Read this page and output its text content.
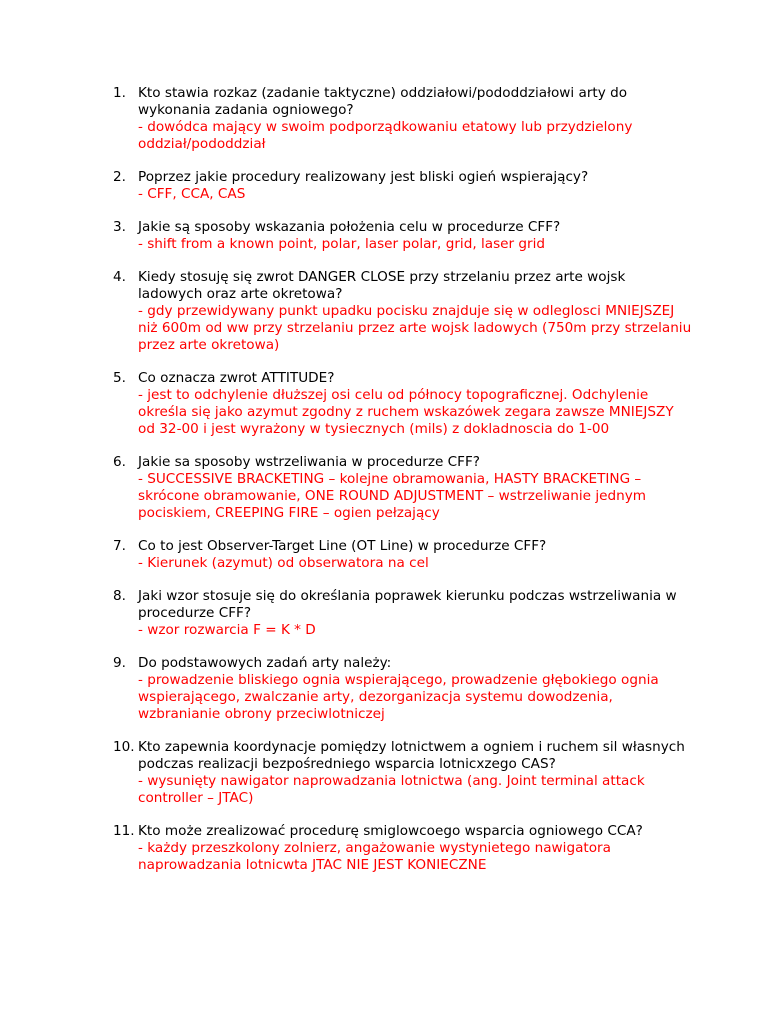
1. Kto stawia rozkaz (zadanie taktyczne) oddziałowi/pododdziałowi arty do wykonania zadania ogniowego?
- dowódca mający w swoim podporządkowaniu etatowy lub przydzielony oddział/pododdział
2. Poprzez jakie procedury realizowany jest bliski ogień wspierający?
- CFF, CCA, CAS
3. Jakie są sposoby wskazania położenia celu w procedurze CFF?
- shift from a known point, polar, laser polar, grid, laser grid
4. Kiedy stosuję się zwrot DANGER CLOSE przy strzelaniu przez arte wojsk ladowych oraz arte okretowa?
- gdy przewidywany punkt upadku pocisku znajduje się w odleglosci MNIEJSZEJ niż 600m od ww przy strzelaniu przez arte wojsk ladowych (750m przy strzelaniu przez arte okretowa)
5. Co oznacza zwrot ATTITUDE?
- jest to odchylenie dłuższej osi celu od północy topograficznej. Odchylenie określa się jako azymut zgodny z ruchem wskazówek zegara zawsze MNIEJSZY od 32-00 i jest wyrażony w tysiecznych (mils) z dokladnoscia do 1-00
6. Jakie sa sposoby wstrzeliwania w procedurze CFF?
- SUCCESSIVE BRACKETING – kolejne obramowania, HASTY BRACKETING – skrócone obramowanie, ONE ROUND ADJUSTMENT – wstrzeliwanie jednym pociskiem, CREEPING FIRE – ogien pełzający
7. Co to jest Observer-Target Line (OT Line) w procedurze CFF?
- Kierunek (azymut) od obserwatora na cel
8. Jaki wzor stosuje się do określania poprawek kierunku podczas wstrzeliwania w procedurze CFF?
- wzor rozwarcia F = K * D
9. Do podstawowych zadań arty należy:
- prowadzenie bliskiego ognia wspierającego, prowadzenie głębokiego ognia wspierającego, zwalczanie arty, dezorganizacja systemu dowodzenia, wzbranianie obrony przeciwlotniczej
10. Kto zapewnia koordynacje pomiędzy lotnictwem a ogniem i ruchem sil własnych podczas realizacji bezpośredniego wsparcia lotnicxzego CAS?
- wysunięty nawigator naprowadzania lotnictwa (ang. Joint terminal attack controller – JTAC)
11. Kto może zrealizować procedurę smiglowcoego wsparcia ogniowego CCA?
- każdy przeszkolony zolnierz, angażowanie wystynietego nawigatora naprowadzania lotnicwta JTAC NIE JEST KONIECZNE
